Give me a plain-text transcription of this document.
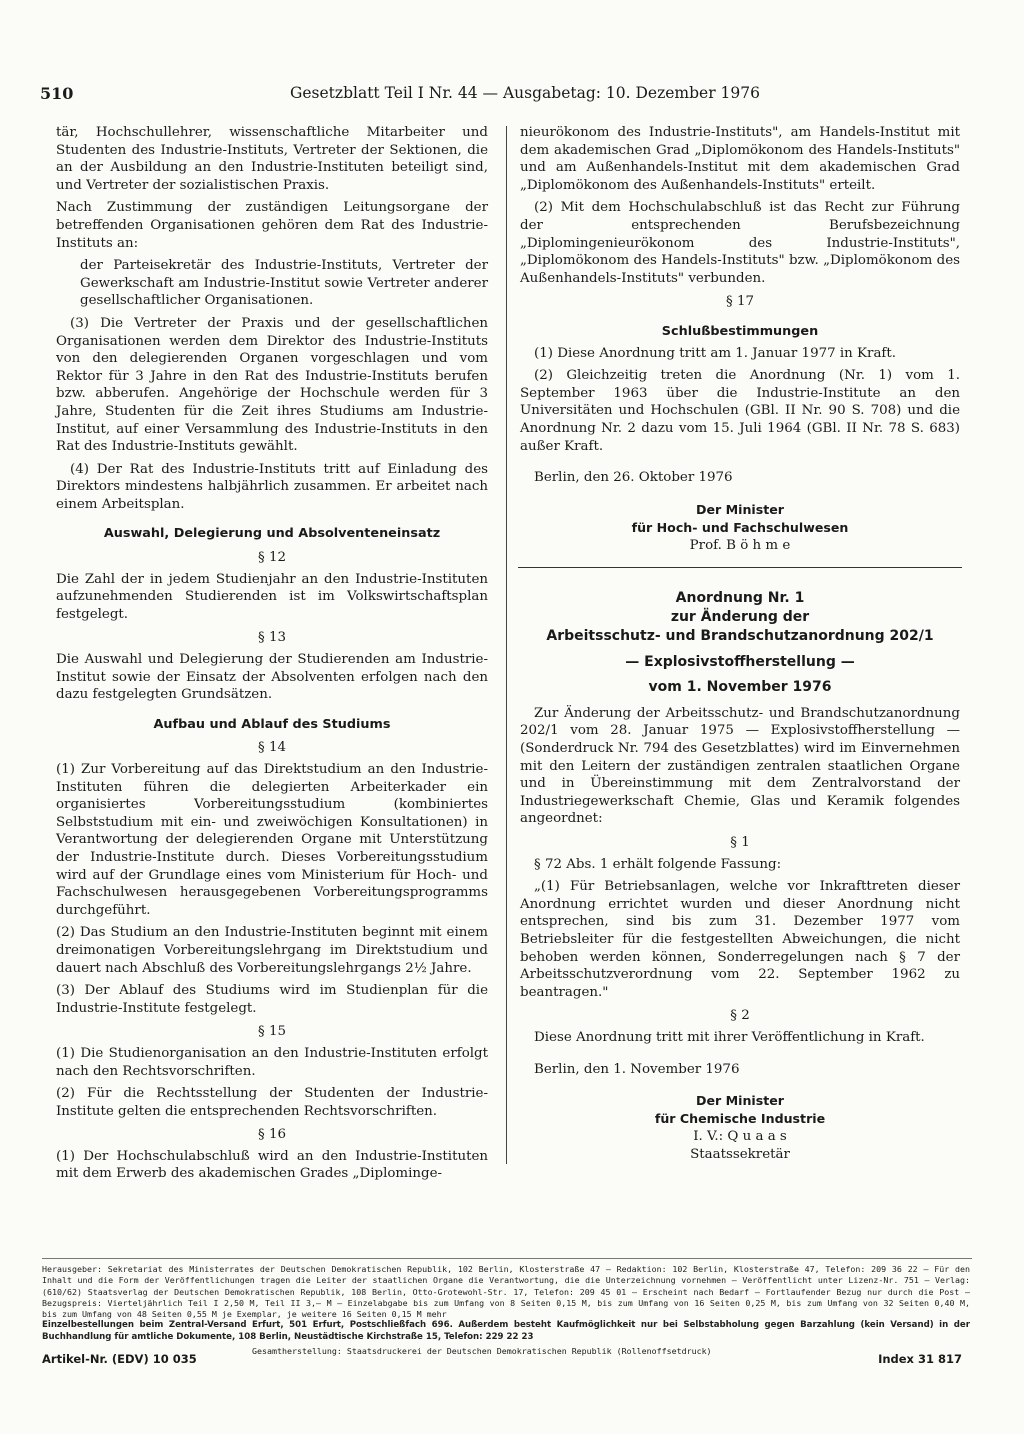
510	Gesetzblatt Teil I Nr. 44 — Ausgabetag: 10. Dezember 1976

tär, Hochschullehrer, wissenschaftliche Mitarbeiter und Studenten des Industrie-Instituts, Vertreter der Sektionen, die an der Ausbildung an den Industrie-Instituten beteiligt sind, und Vertreter der sozialistischen Praxis.

Nach Zustimmung der zuständigen Leitungsorgane der betreffenden Organisationen gehören dem Rat des Industrie-Instituts an:

der Parteisekretär des Industrie-Instituts, Vertreter der Gewerkschaft am Industrie-Institut sowie Vertreter anderer gesellschaftlicher Organisationen.

(3) Die Vertreter der Praxis und der gesellschaftlichen Organisationen werden dem Direktor des Industrie-Instituts von den delegierenden Organen vorgeschlagen und vom Rektor für 3 Jahre in den Rat des Industrie-Instituts berufen bzw. abberufen. Angehörige der Hochschule werden für 3 Jahre, Studenten für die Zeit ihres Studiums am Industrie-Institut, auf einer Versammlung des Industrie-Instituts in den Rat des Industrie-Instituts gewählt.

(4) Der Rat des Industrie-Instituts tritt auf Einladung des Direktors mindestens halbjährlich zusammen. Er arbeitet nach einem Arbeitsplan.

Auswahl, Delegierung und Absolventeneinsatz
§ 12

Die Zahl der in jedem Studienjahr an den Industrie-Instituten aufzunehmenden Studierenden ist im Volkswirtschaftsplan festgelegt.

§ 13

Die Auswahl und Delegierung der Studierenden am Industrie-Institut sowie der Einsatz der Absolventen erfolgen nach den dazu festgelegten Grundsätzen.

Aufbau und Ablauf des Studiums
§ 14

(1) Zur Vorbereitung auf das Direktstudium an den Industrie-Instituten führen die delegierten Arbeiterkader ein organisiertes Vorbereitungsstudium (kombiniertes Selbststudium mit ein- und zweiwöchigen Konsultationen) in Verantwortung der delegierenden Organe mit Unterstützung der Industrie-Institute durch. Dieses Vorbereitungsstudium wird auf der Grundlage eines vom Ministerium für Hoch- und Fachschulwesen herausgegebenen Vorbereitungsprogramms durchgeführt.

(2) Das Studium an den Industrie-Instituten beginnt mit einem dreimonatigen Vorbereitungslehrgang im Direktstudium und dauert nach Abschluß des Vorbereitungslehrgangs 2½ Jahre.

(3) Der Ablauf des Studiums wird im Studienplan für die Industrie-Institute festgelegt.

§ 15

(1) Die Studienorganisation an den Industrie-Instituten erfolgt nach den Rechtsvorschriften.

(2) Für die Rechtsstellung der Studenten der Industrie-Institute gelten die entsprechenden Rechtsvorschriften.

§ 16

(1) Der Hochschulabschluß wird an den Industrie-Instituten mit dem Erwerb des akademischen Grades „Diplominge-

nieurökonom des Industrie-Instituts", am Handels-Institut mit dem akademischen Grad „Diplomökonom des Handels-Instituts" und am Außenhandels-Institut mit dem akademischen Grad „Diplomökonom des Außenhandels-Instituts" erteilt.

(2) Mit dem Hochschulabschluß ist das Recht zur Führung der entsprechenden Berufsbezeichnung „Diplomingenieurökonom des Industrie-Instituts", „Diplomökonom des Handels-Instituts" bzw. „Diplomökonom des Außenhandels-Instituts" verbunden.

§ 17
Schlußbestimmungen

(1) Diese Anordnung tritt am 1. Januar 1977 in Kraft.

(2) Gleichzeitig treten die Anordnung (Nr. 1) vom 1. September 1963 über die Industrie-Institute an den Universitäten und Hochschulen (GBl. II Nr. 90 S. 708) und die Anordnung Nr. 2 dazu vom 15. Juli 1964 (GBl. II Nr. 78 S. 683) außer Kraft.

Berlin, den 26. Oktober 1976

Der Minister
für Hoch- und Fachschulwesen
Prof. B ö h m e
Anordnung Nr. 1
zur Änderung der
Arbeitsschutz- und Brandschutzanordnung 202/1
— Explosivstoffherstellung —
vom 1. November 1976

Zur Änderung der Arbeitsschutz- und Brandschutzanordnung 202/1 vom 28. Januar 1975 — Explosivstoffherstellung — (Sonderdruck Nr. 794 des Gesetzblattes) wird im Einvernehmen mit den Leitern der zuständigen zentralen staatlichen Organe und in Übereinstimmung mit dem Zentralvorstand der Industriegewerkschaft Chemie, Glas und Keramik folgendes angeordnet:

§ 1

§ 72 Abs. 1 erhält folgende Fassung:

„(1) Für Betriebsanlagen, welche vor Inkrafttreten dieser Anordnung errichtet wurden und dieser Anordnung nicht entsprechen, sind bis zum 31. Dezember 1977 vom Betriebsleiter für die festgestellten Abweichungen, die nicht behoben werden können, Sonderregelungen nach § 7 der Arbeitsschutzverordnung vom 22. September 1962 zu beantragen."

§ 2

Diese Anordnung tritt mit ihrer Veröffentlichung in Kraft.

Berlin, den 1. November 1976

Der Minister
für Chemische Industrie
I. V.: Q u a a s
Staatssekretär
Herausgeber: Sekretariat des Ministerrates der Deutschen Demokratischen Republik, 102 Berlin, Klosterstraße 47 — Redaktion: 102 Berlin, Klosterstraße 47, Telefon: 209 36 22 — Für den Inhalt und die Form der Veröffentlichungen tragen die Leiter der staatlichen Organe die Verantwortung, die die Unterzeichnung vornehmen — Veröffentlicht unter Lizenz-Nr. 751 — Verlag: (610/62) Staatsverlag der Deutschen Demokratischen Republik, 108 Berlin, Otto-Grotewohl-Str. 17, Telefon: 209 45 01 — Erscheint nach Bedarf — Fortlaufender Bezug nur durch die Post — Bezugspreis: Vierteljährlich Teil I 2,50 M, Teil II 3,— M — Einzelabgabe bis zum Umfang von 8 Seiten 0,15 M, bis zum Umfang von 16 Seiten 0,25 M, bis zum Umfang von 32 Seiten 0,40 M, bis zum Umfang von 48 Seiten 0,55 M je Exemplar, je weitere 16 Seiten 0,15 M mehr
Einzelbestellungen beim Zentral-Versand Erfurt, 501 Erfurt, Postschließfach 696. Außerdem besteht Kaufmöglichkeit nur bei Selbstabholung gegen Barzahlung (kein Versand) in der Buchhandlung für amtliche Dokumente, 108 Berlin, Neustädtische Kirchstraße 15, Telefon: 229 22 23
Artikel-Nr. (EDV) 10 035
Gesamtherstellung: Staatsdruckerei der Deutschen Demokratischen Republik (Rollenoffsetdruck)
Index 31 817
